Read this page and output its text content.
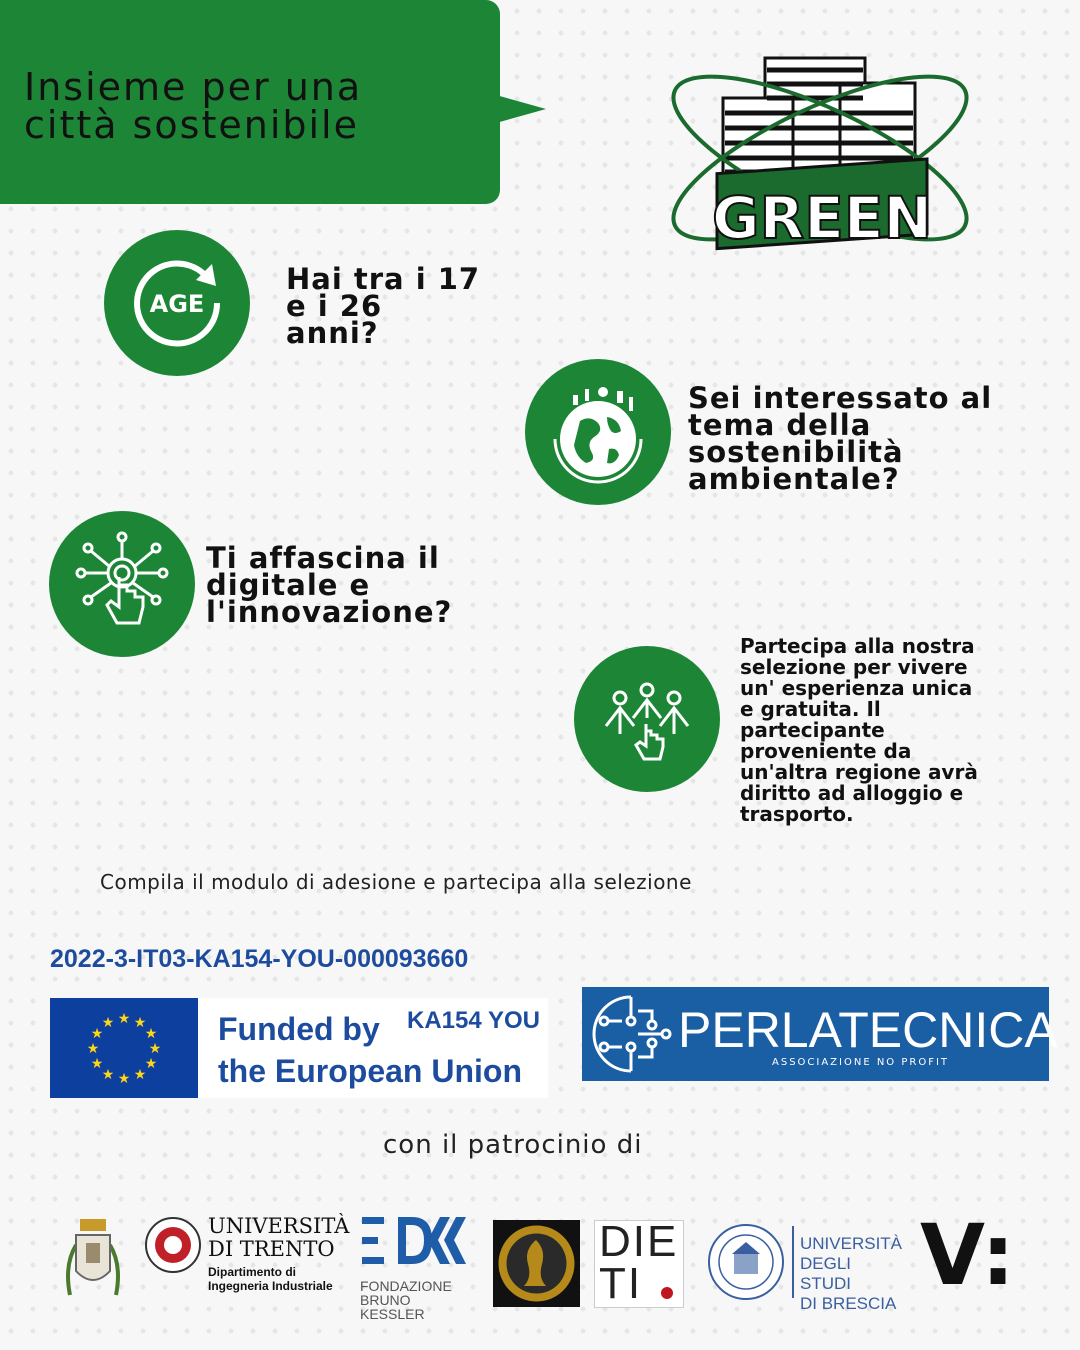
Insieme per una
città sostenibile
GREEN
AGE
Hai tra i 17
e i 26
anni?
Sei interessato al
tema della
sostenibilità
ambientale?
Ti affascina il
digitale e
l'innovazione?
Partecipa alla nostra
selezione per vivere
un' esperienza unica
e gratuita. Il
partecipante
proveniente da
un'altra regione avrà
diritto ad alloggio e
trasporto.
Compila il modulo di adesione e partecipa alla selezione
2022-3-IT03-KA154-YOU-000093660
★ ★
★
★
★
★
★
★
★
★
★
★	Funded by
the European Union
KA154 YOU	PERLATECNICA
ASSOCIAZIONE NO PROFIT
con il patrocinio di
UNIVERSITÀ
DI TRENTO
Dipartimento di
Ingegneria Industriale FONDAZIONE
BRUNO KESSLER
DIE
TI
UNIVERSITÀ
DEGLI STUDI
DI BRESCIA V:
